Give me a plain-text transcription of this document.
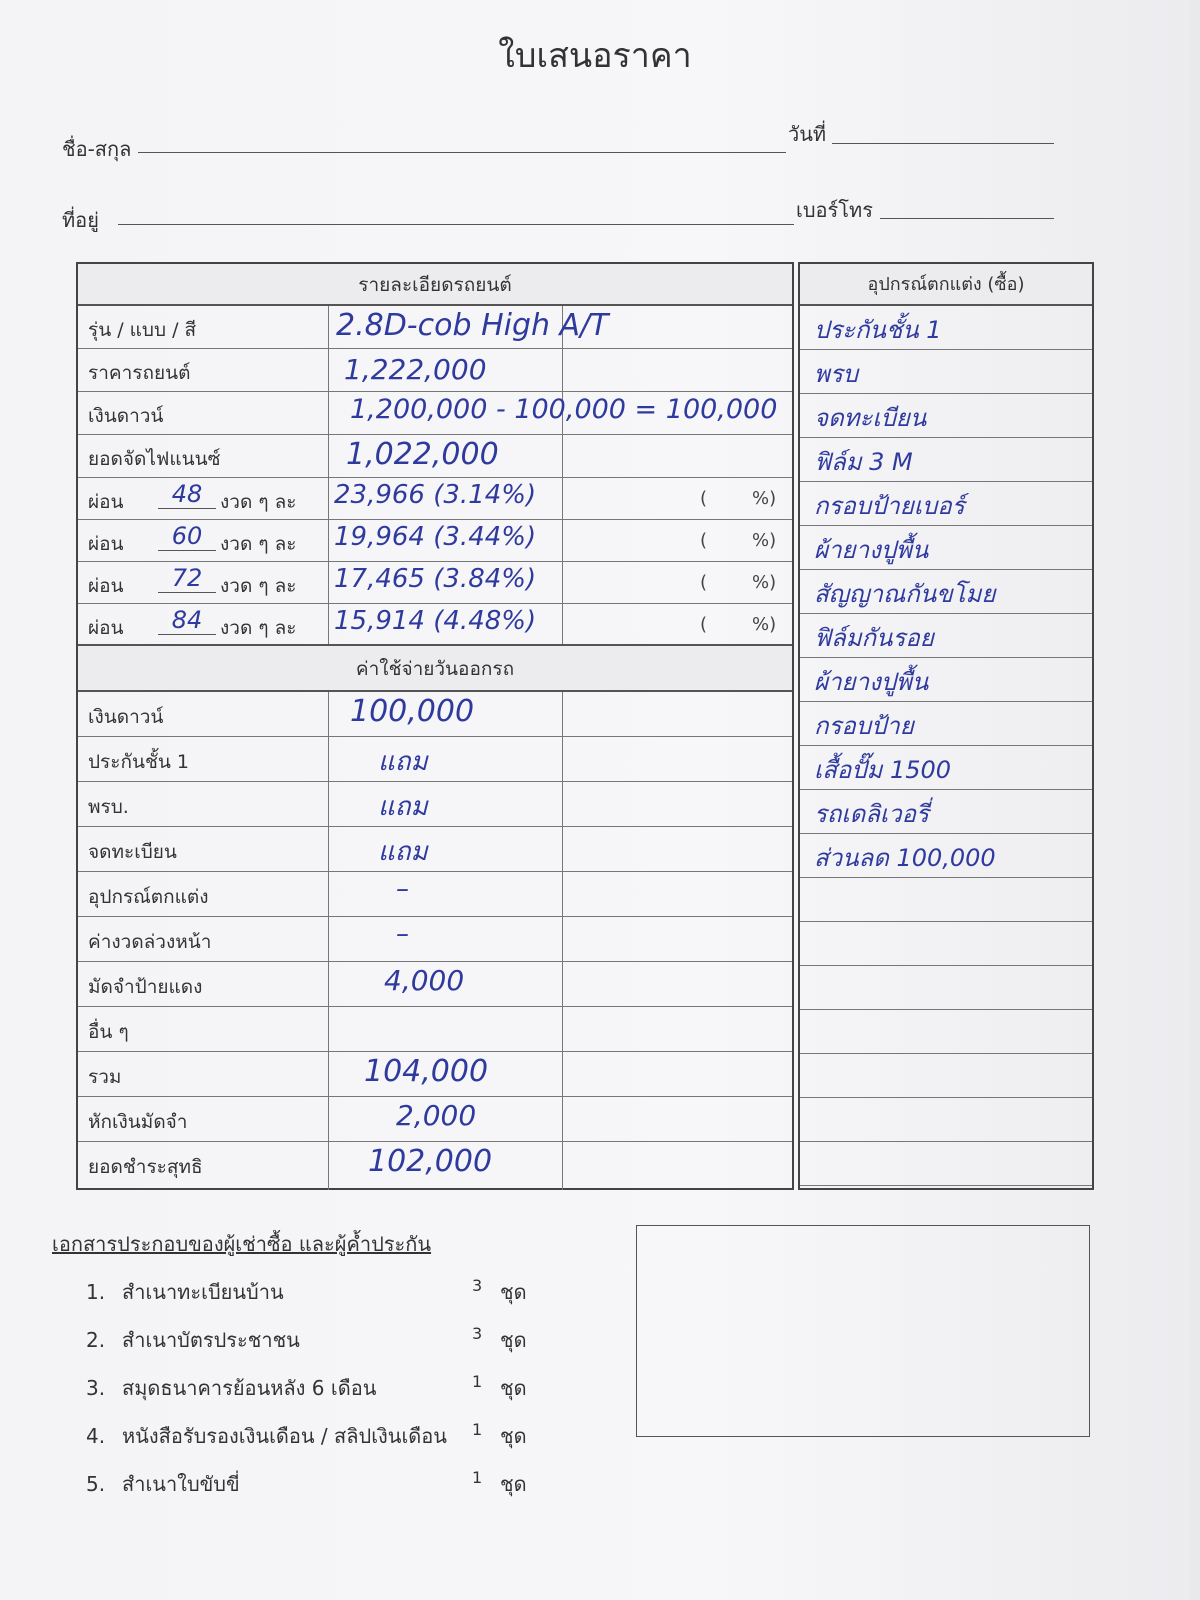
ใบเสนอราคา
ชื่อ-สกุล
วันที่
ที่อยู่	เบอร์โทร
รายละเอียดรถยนต์
รุ่น / แบบ / สี	2.8D-cob High A/T
ราคารถยนต์	1,222,000
เงินดาวน์	1,200,000 - 100,000 = 100,000
ยอดจัดไฟแนนซ์	1,022,000
ผ่อน	48 งวด ๆ ละ 23,966 (3.14%)	( %)
ผ่อน	60 งวด ๆ ละ 19,964 (3.44%)	( %)
ผ่อน	72 งวด ๆ ละ 17,465 (3.84%)	( %)
ผ่อน	84 งวด ๆ ละ 15,914 (4.48%)	( %)
ค่าใช้จ่ายวันออกรถ
เงินดาวน์	100,000
ประกันชั้น 1	แถม
พรบ.	แถม
จดทะเบียน	แถม
อุปกรณ์ตกแต่ง	–
ค่างวดล่วงหน้า	–
มัดจำป้ายแดง	4,000
อื่น ๆ
รวม	104,000
หักเงินมัดจำ	2,000
ยอดชำระสุทธิ	102,000
อุปกรณ์ตกแต่ง (ซื้อ)
ประกันชั้น 1
พรบ
จดทะเบียน
ฟิล์ม 3 M
กรอบป้ายเบอร์
ผ้ายางปูพื้น
สัญญาณกันขโมย
ฟิล์มกันรอย
ผ้ายางปูพื้น
กรอบป้าย
เสื้อปั๊ม 1500
รถเดลิเวอรี่
ส่วนลด 100,000
เอกสารประกอบของผู้เช่าซื้อ และผู้ค้ำประกัน
1. สำเนาทะเบียนบ้าน	3 ชุด
2. สำเนาบัตรประชาชน	3 ชุด
3. สมุดธนาคารย้อนหลัง 6 เดือน	1 ชุด
4. หนังสือรับรองเงินเดือน / สลิปเงินเดือน 1 ชุด
5. สำเนาใบขับขี่	1 ชุด
